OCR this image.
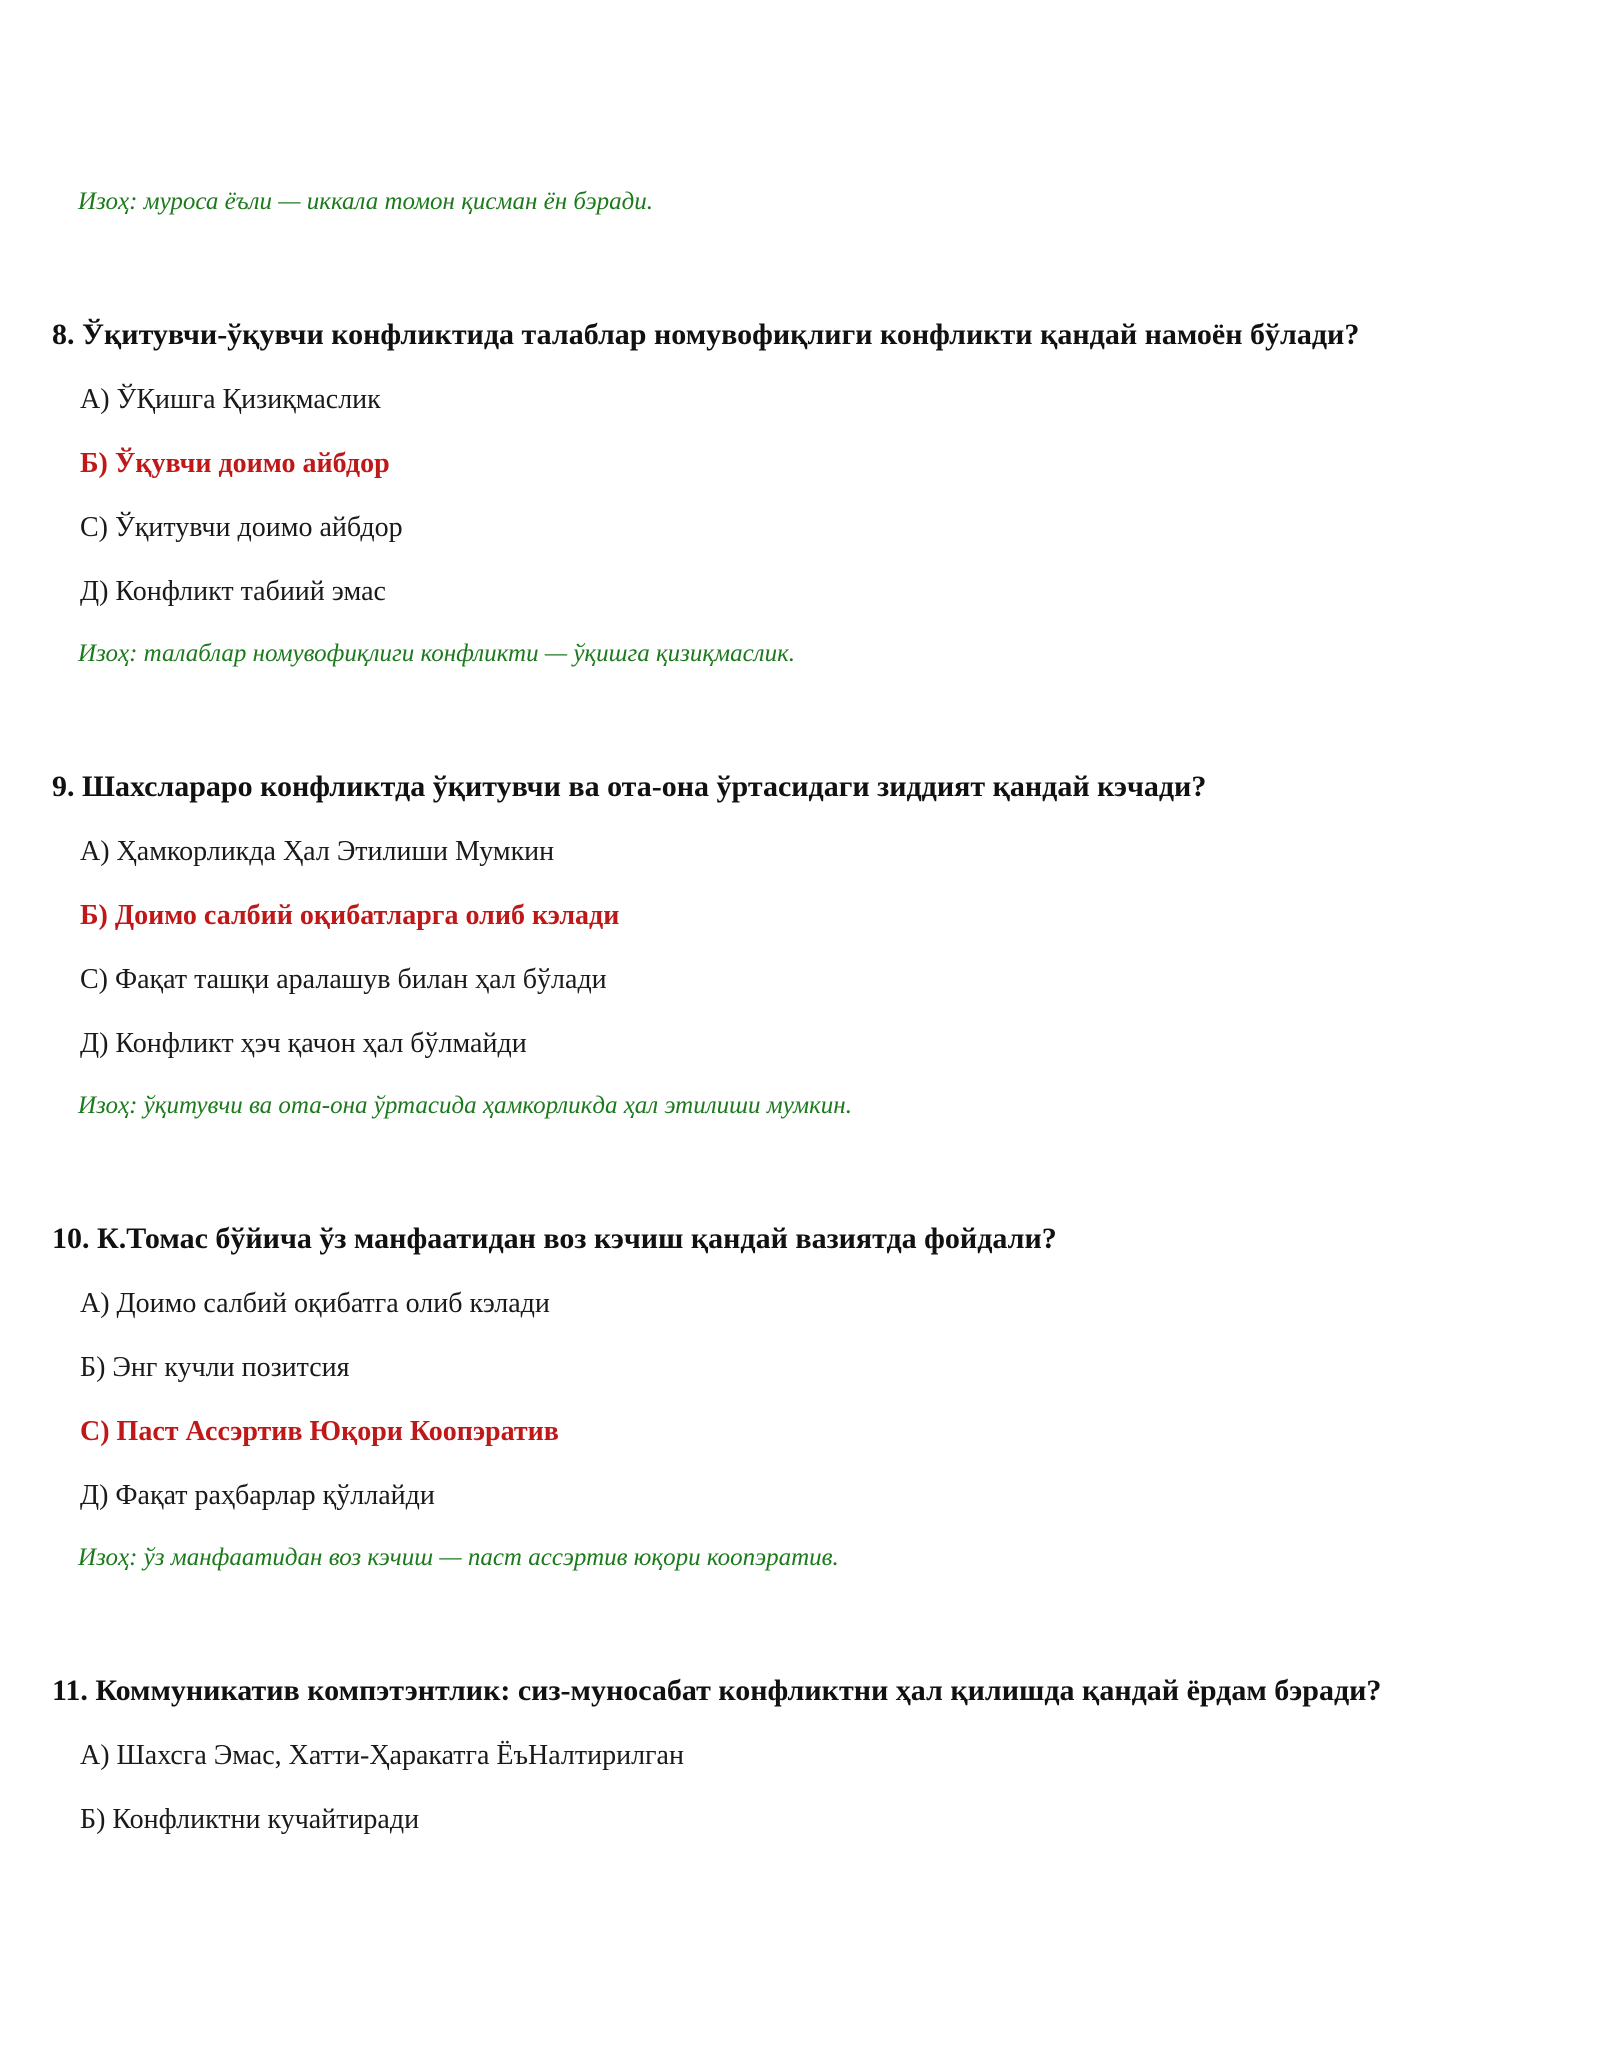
Изоҳ: муроса ёъли — иккала томон қисман ён бэради.
8. Ўқитувчи-ўқувчи конфликтида талаблар номувофиқлиги конфликти қандай намоён бўлади?
А) ЎҚишга Қизиқмаслик
Б) Ўқувчи доимо айбдор
С) Ўқитувчи доимо айбдор
Д) Конфликт табиий эмас
Изоҳ: талаблар номувофиқлиги конфликти — ўқишга қизиқмаслик.
9. Шахслараро конфликтда ўқитувчи ва ота-она ўртасидаги зиддият қандай кэчади?
А) Ҳамкорликда Ҳал Этилиши Мумкин
Б) Доимо салбий оқибатларга олиб кэлади
С) Фақат ташқи аралашув билан ҳал бўлади
Д) Конфликт ҳэч қачон ҳал бўлмайди
Изоҳ: ўқитувчи ва ота-она ўртасида ҳамкорликда ҳал этилиши мумкин.
10. К.Томас бўйича ўз манфаатидан воз кэчиш қандай вазиятда фойдали?
А) Доимо салбий оқибатга олиб кэлади
Б) Энг кучли позитсия
С) Паст Ассэртив Юқори Коопэратив
Д) Фақат раҳбарлар қўллайди
Изоҳ: ўз манфаатидан воз кэчиш — паст ассэртив юқори коопэратив.
11. Коммуникатив компэтэнтлик: сиз-муносабат конфликтни ҳал қилишда қандай ёрдам бэради?
А) Шахсга Эмас, Хатти-Ҳаракатга ЁъНалтирилган
Б) Конфликтни кучайтиради
